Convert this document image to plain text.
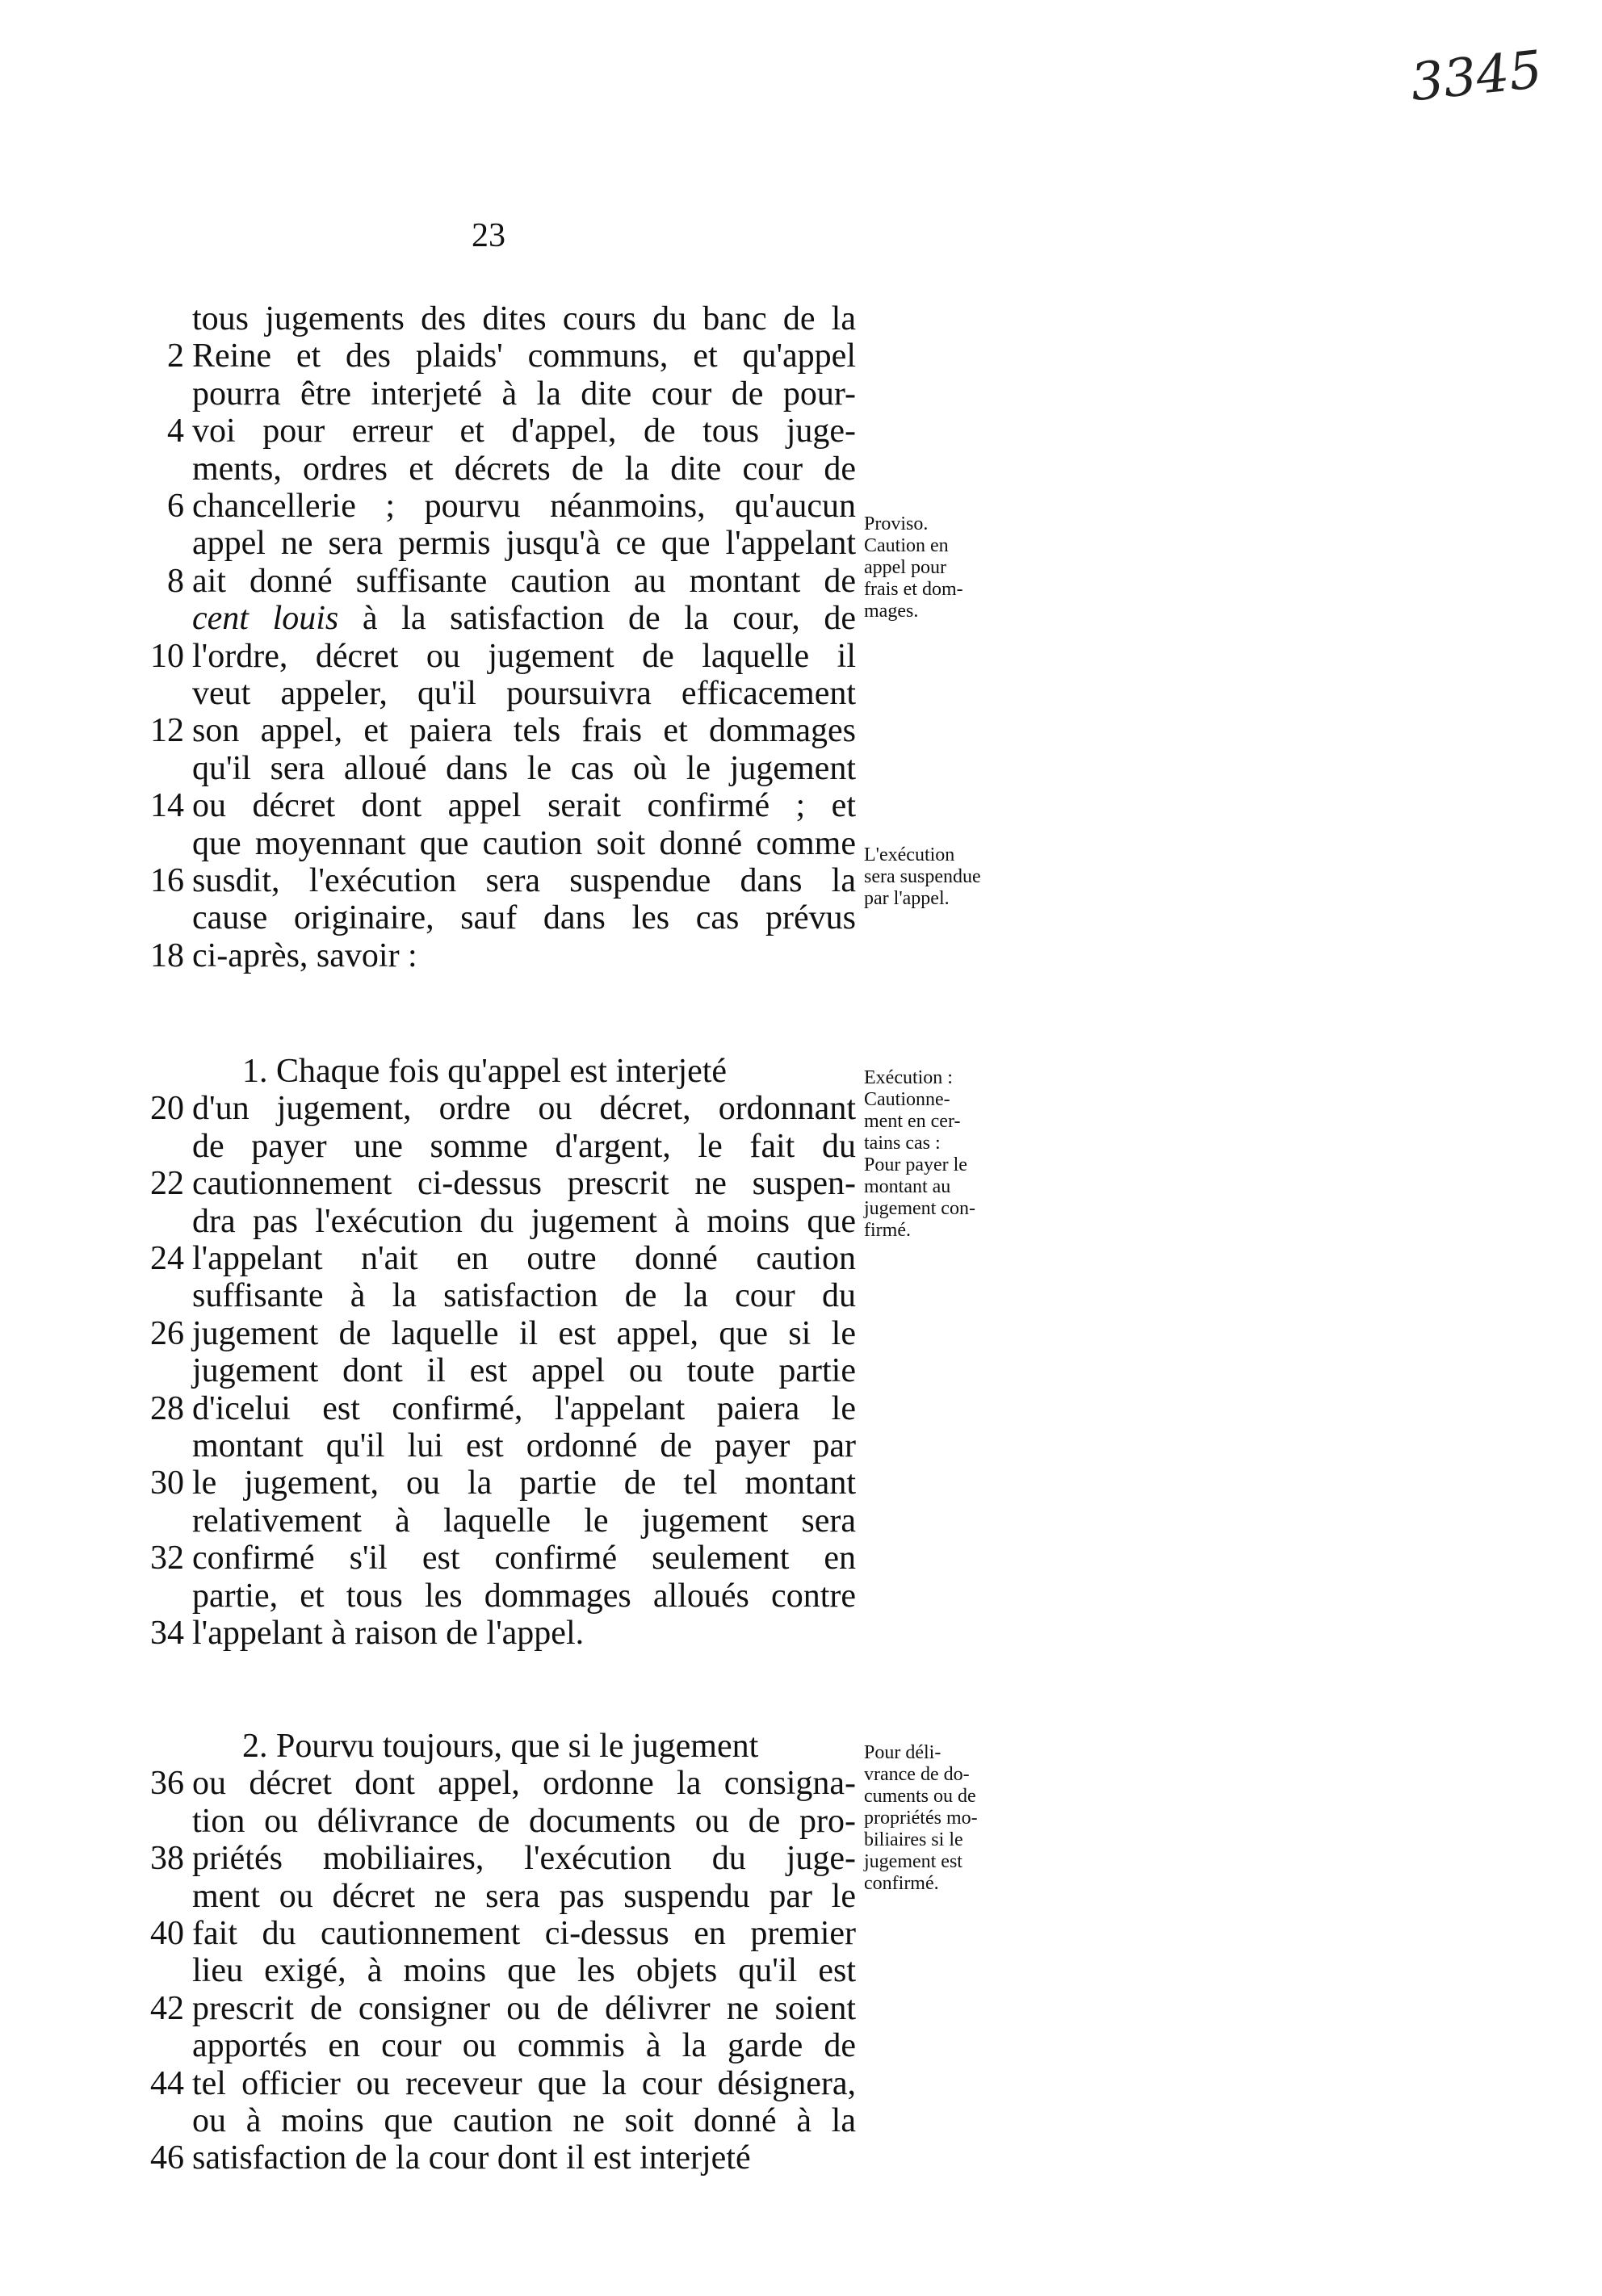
3345
23
tous jugements des dites cours du banc de la
2 Reine et des plaids' communs, et qu'appel
pourra être interjeté à la dite cour de pour-
4 voi pour erreur et d'appel, de tous juge-
ments, ordres et décrets de la dite cour de
6 chancellerie ; pourvu néanmoins, qu'aucun
appel ne sera permis jusqu'à ce que l'appelant
8 ait donné suffisante caution au montant de
cent louis à la satisfaction de la cour, de
10 l'ordre, décret ou jugement de laquelle il
veut appeler, qu'il poursuivra efficacement
12 son appel, et paiera tels frais et dommages
qu'il sera alloué dans le cas où le jugement
14 ou décret dont appel serait confirmé ; et
que moyennant que caution soit donné comme
16 susdit, l'exécution sera suspendue dans la
cause originaire, sauf dans les cas prévus
18 ci-après, savoir :
1. Chaque fois qu'appel est interjeté
20 d'un jugement, ordre ou décret, ordonnant
de payer une somme d'argent, le fait du
22 cautionnement ci-dessus prescrit ne suspen-
dra pas l'exécution du jugement à moins que
24 l'appelant n'ait en outre donné caution
suffisante à la satisfaction de la cour du
26 jugement de laquelle il est appel, que si le
jugement dont il est appel ou toute partie
28 d'icelui est confirmé, l'appelant paiera le
montant qu'il lui est ordonné de payer par
30 le jugement, ou la partie de tel montant
relativement à laquelle le jugement sera
32 confirmé s'il est confirmé seulement en
partie, et tous les dommages alloués contre
34 l'appelant à raison de l'appel.
2. Pourvu toujours, que si le jugement
36 ou décret dont appel, ordonne la consigna-
tion ou délivrance de documents ou de pro-
38 priétés mobiliaires, l'exécution du juge-
ment ou décret ne sera pas suspendu par le
40 fait du cautionnement ci-dessus en premier
lieu exigé, à moins que les objets qu'il est
42 prescrit de consigner ou de délivrer ne soient
apportés en cour ou commis à la garde de
44 tel officier ou receveur que la cour désignera,
ou à moins que caution ne soit donné à la
46 satisfaction de la cour dont il est interjeté
Proviso.
Caution en
appel pour
frais et dom-
mages.
L'exécution
sera suspendue
par l'appel.
Exécution :
Cautionne-
ment en cer-
tains cas :
Pour payer le
montant au
jugement con-
firmé.
Pour déli-
vrance de do-
cuments ou de
propriétés mo-
biliaires si le
jugement est
confirmé.
